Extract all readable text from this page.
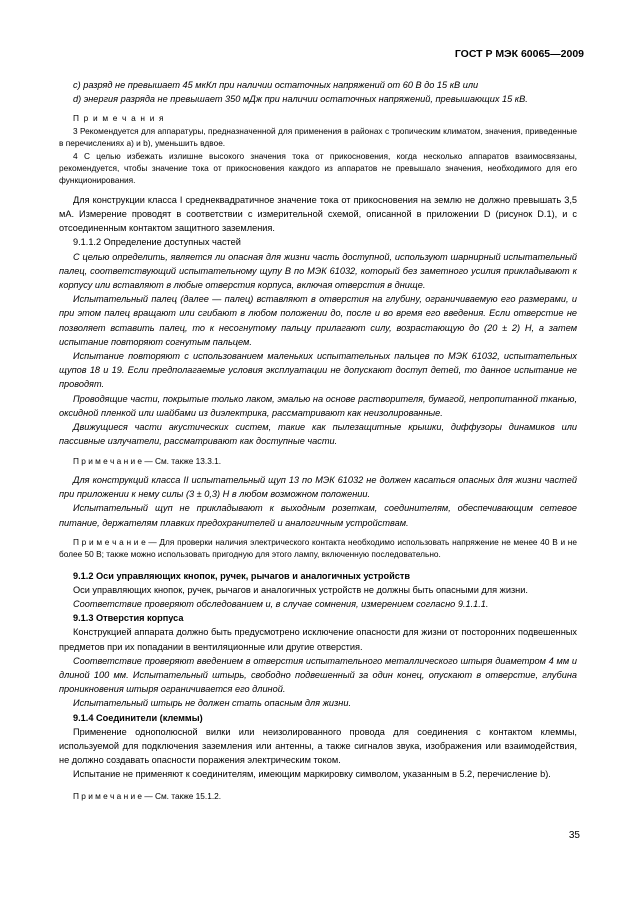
ГОСТ Р МЭК 60065—2009

с) разряд не превышает 45 мкКл при наличии остаточных напряжений от 60 В до 15 кВ или

d) энергия разряда не превышает 350 мДж при наличии остаточных напряжений, превышающих 15 кВ.

П р и м е ч а н и я

3 Рекомендуется для аппаратуры, предназначенной для применения в районах с тропическим климатом, значения, приведенные в перечислениях а) и b), уменьшить вдвое.

4 С целью избежать излишне высокого значения тока от прикосновения, когда несколько аппаратов взаимосвязаны, рекомендуется, чтобы значение тока от прикосновения каждого из аппаратов не превышало значения, необходимого для его функционирования.

Для конструкции класса I среднеквадратичное значение тока от прикосновения на землю не должно превышать 3,5 мА. Измерение проводят в соответствии с измерительной схемой, описанной в приложении D (рисунок D.1), и с отсоединенным контактом защитного заземления.

9.1.1.2 Определение доступных частей

С целью определить, является ли опасная для жизни часть доступной, используют шарнирный испытательный палец, соответствующий испытательному щупу В по МЭК 61032, который без заметного усилия прикладывают к корпусу или вставляют в любые отверстия корпуса, включая отверстия в днище.

Испытательный палец (далее — палец) вставляют в отверстия на глубину, ограничиваемую его размерами, и при этом палец вращают или сгибают в любом положении до, после и во время его введения. Если отверстие не позволяет вставить палец, то к несогнутому пальцу прилагают силу, возрастающую до (20 ± 2) Н, а затем испытание повторяют согнутым пальцем.

Испытание повторяют с использованием маленьких испытательных пальцев по МЭК 61032, испытательных щупов 18 и 19. Если предполагаемые условия эксплуатации не допускают доступ детей, то данное испытание не проводят.

Проводящие части, покрытые только лаком, эмалью на основе растворителя, бумагой, непропитанной тканью, оксидной пленкой или шайбами из диэлектрика, рассматривают как неизолированные.

Движущиеся части акустических систем, такие как пылезащитные крышки, диффузоры динамиков или пассивные излучатели, рассматривают как доступные части.

П р и м е ч а н и е — См. также 13.3.1.

Для конструкций класса II испытательный щуп 13 по МЭК 61032 не должен касаться опасных для жизни частей при приложении к нему силы (3 ± 0,3) Н в любом возможном положении.

Испытательный щуп не прикладывают к выходным розеткам, соединителям, обеспечивающим сетевое питание, держателям плавких предохранителей и аналогичным устройствам.

П р и м е ч а н и е — Для проверки наличия электрического контакта необходимо использовать напряжение не менее 40 В и не более 50 В; также можно использовать пригодную для этого лампу, включенную последовательно.

9.1.2 Оси управляющих кнопок, ручек, рычагов и аналогичных устройств

Оси управляющих кнопок, ручек, рычагов и аналогичных устройств не должны быть опасными для жизни.

Соответствие проверяют обследованием и, в случае сомнения, измерением согласно 9.1.1.1.

9.1.3 Отверстия корпуса

Конструкцией аппарата должно быть предусмотрено исключение опасности для жизни от посторонних подвешенных предметов при их попадании в вентиляционные или другие отверстия.

Соответствие проверяют введением в отверстия испытательного металлического штыря диаметром 4 мм и длиной 100 мм. Испытательный штырь, свободно подвешенный за один конец, опускают в отверстие, глубина проникновения штыря ограничивается его длиной.

Испытательный штырь не должен стать опасным для жизни.

9.1.4 Соединители (клеммы)

Применение однополюсной вилки или неизолированного провода для соединения с контактом клеммы, используемой для подключения заземления или антенны, а также сигналов звука, изображения или взаимодействия, не должно создавать опасности поражения электрическим током.

Испытание не применяют к соединителям, имеющим маркировку символом, указанным в 5.2, перечисление b).

П р и м е ч а н и е — См. также 15.1.2.

35
